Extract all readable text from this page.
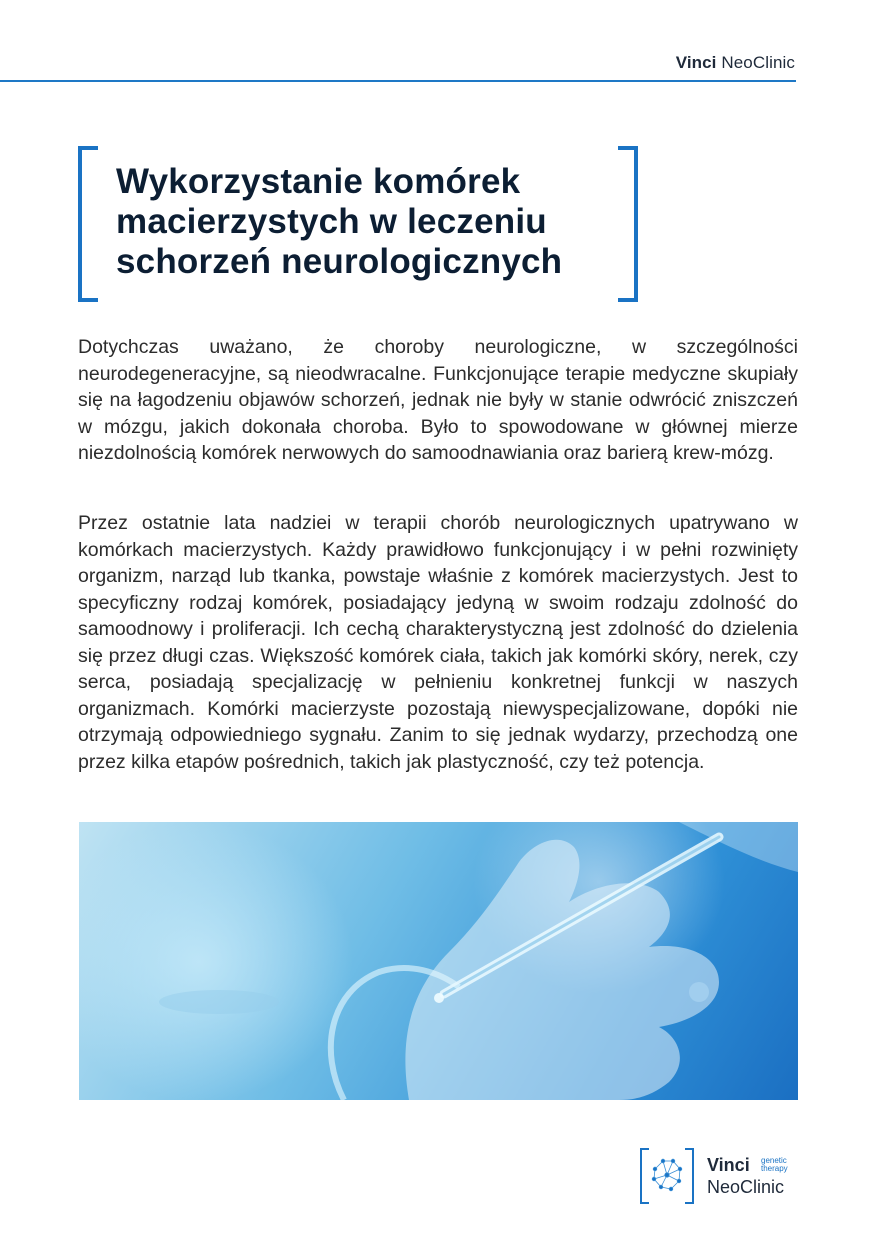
Vinci NeoClinic
Wykorzystanie komórek macierzystych w leczeniu schorzeń neurologicznych

Dotychczas uważano, że choroby neurologiczne, w szczególności neurodegeneracyjne, są nieodwracalne. Funkcjonujące terapie medyczne skupiały się na łagodzeniu objawów schorzeń, jednak nie były w stanie odwrócić zniszczeń w mózgu, jakich dokonała choroba. Było to spowodowane w głównej mierze niezdolnością komórek nerwowych do samoodnawiania oraz barierą krew-mózg.

Przez ostatnie lata nadziei w terapii chorób neurologicznych upatrywano w komórkach macierzystych. Każdy prawidłowo funkcjonujący i w pełni rozwinięty organizm, narząd lub tkanka, powstaje właśnie z komórek macierzystych. Jest to specyficzny rodzaj komórek, posiadający jedyną w swoim rodzaju zdolność do samoodnowy i proliferacji. Ich cechą charakterystyczną jest zdolność do dzielenia się przez długi czas. Większość komórek ciała, takich jak komórki skóry, nerek, czy serca, posiadają specjalizację w pełnieniu konkretnej funkcji w naszych organizmach. Komórki macierzyste pozostają niewyspecjalizowane, dopóki nie otrzymają odpowiedniego sygnału. Zanim to się jednak wydarzy, przechodzą one przez kilka etapów pośrednich, takich jak plastyczność, czy też potencja.

Vinci genetic
therapy
NeoClinic
